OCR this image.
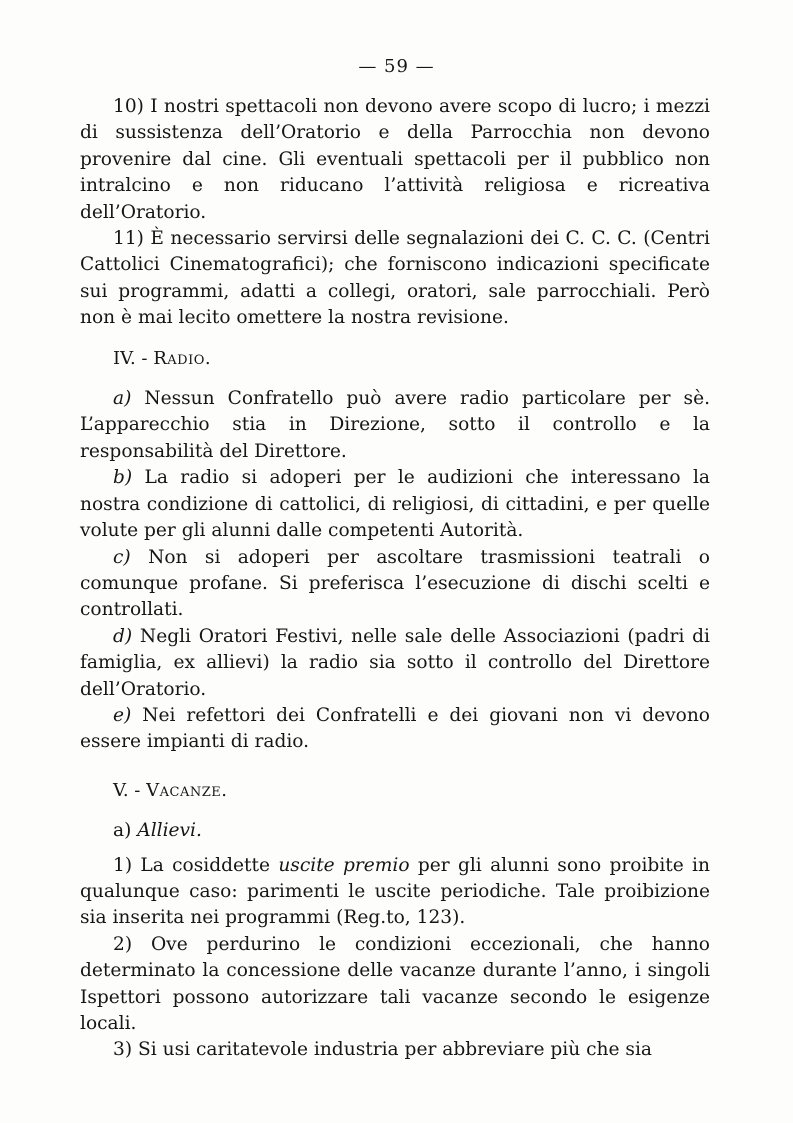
— 59 —

10) I nostri spettacoli non devono avere scopo di lucro; i mezzi di sussistenza dell’Oratorio e della Parrocchia non devono provenire dal cine. Gli eventuali spettacoli per il pubblico non intralcino e non riducano l’attività religiosa e ricreativa dell’Oratorio.

11) È necessario servirsi delle segnalazioni dei C. C. C. (Centri Cattolici Cinematografici); che forniscono indicazioni specificate sui programmi, adatti a collegi, oratori, sale parrocchiali. Però non è mai lecito omettere la nostra revisione.

IV. - Radio.

a) Nessun Confratello può avere radio particolare per sè. L’apparecchio stia in Direzione, sotto il controllo e la responsabilità del Direttore.

b) La radio si adoperi per le audizioni che interessano la nostra condizione di cattolici, di religiosi, di cittadini, e per quelle volute per gli alunni dalle competenti Autorità.

c) Non si adoperi per ascoltare trasmissioni teatrali o comunque profane. Si preferisca l’esecuzione di dischi scelti e controllati.

d) Negli Oratori Festivi, nelle sale delle Associazioni (padri di famiglia, ex allievi) la radio sia sotto il controllo del Direttore dell’Oratorio.

e) Nei refettori dei Confratelli e dei giovani non vi devono essere impianti di radio.

V. - Vacanze.

a) Allievi.

1) La cosiddette uscite premio per gli alunni sono proibite in qualunque caso: parimenti le uscite periodiche. Tale proibizione sia inserita nei programmi (Reg.to, 123).

2) Ove perdurino le condizioni eccezionali, che hanno determinato la concessione delle vacanze durante l’anno, i singoli Ispettori possono autorizzare tali vacanze secondo le esigenze locali.

3) Si usi caritatevole industria per abbreviare più che sia
